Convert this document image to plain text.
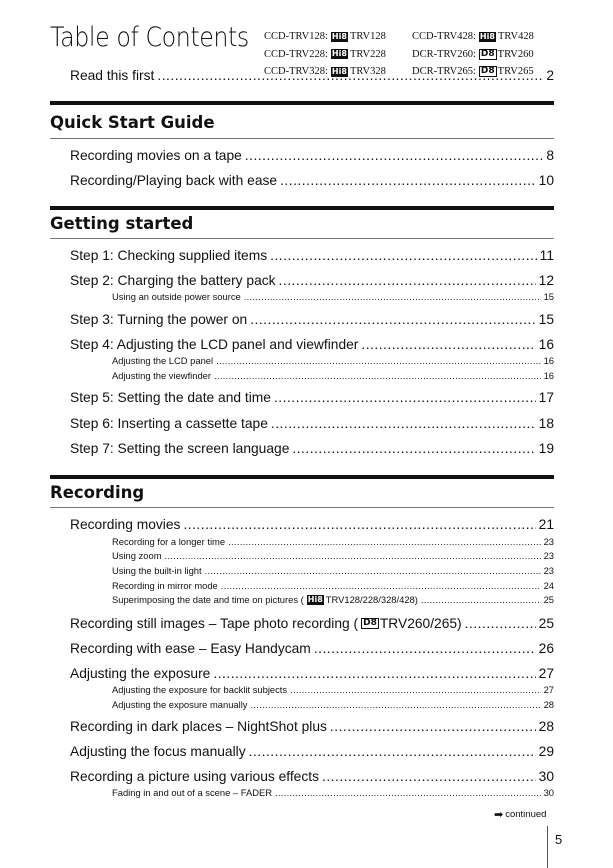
Table of Contents CCD-TRV128: Hi8 TRV128 CCD-TRV428: Hi8 TRV428
CCD-TRV228: Hi8 TRV228 DCR-TRV260: D8 TRV260
CCD-TRV328: Hi8 TRV328 DCR-TRV265: D8 TRV265
Read this first .....	2
Quick Start Guide
Recording movies on a tape .....	8
Recording/Playing back with ease .....	10
Getting started
Step 1: Checking supplied items .....	11
Step 2: Charging the battery pack .....	12
Using an outside power source .....	15
Step 3: Turning the power on .....	15
Step 4: Adjusting the LCD panel and viewfinder .....	16
Adjusting the LCD panel .....	16
Adjusting the viewfinder .....	16
Step 5: Setting the date and time .....	17
Step 6: Inserting a cassette tape .....	18
Step 7: Setting the screen language .....	19
Recording
Recording movies .....	21
Recording for a longer time .....	23
Using zoom .....	23
Using the built-in light .....	23
Recording in mirror mode .....	24
Superimposing the date and time on pictures ( Hi8 TRV128/228/328/428) .....	25
Recording still images – Tape photo recording ( D8 TRV260/265) .....	25
Recording with ease – Easy Handycam .....	26
Adjusting the exposure .....	27
Adjusting the exposure for backlit subjects .....	27
Adjusting the exposure manually .....	28
Recording in dark places – NightShot plus .....	28
Adjusting the focus manually .....	29
Recording a picture using various effects .....	30
Fading in and out of a scene – FADER .....	30
➡ continued
5
